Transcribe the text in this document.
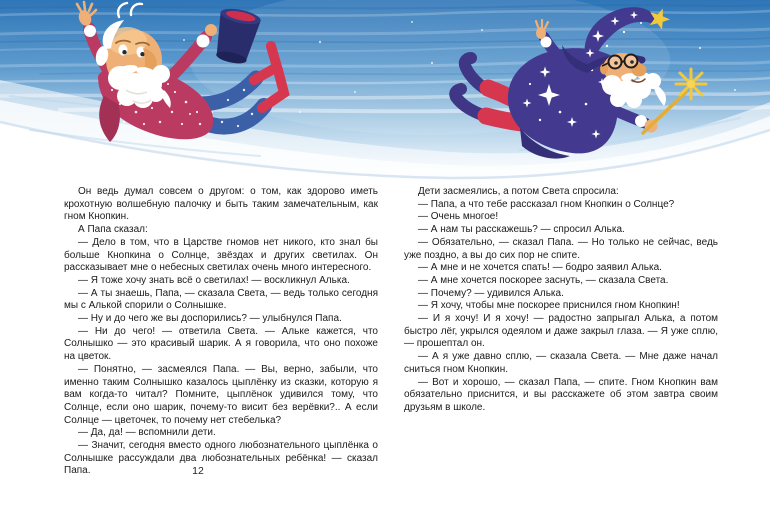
Он ведь думал совсем о другом: о том, как здорово иметь крохотную волшебную палочку и быть таким замечательным, как гном Кнопкин.

А Папа сказал:

— Дело в том, что в Царстве гномов нет никого, кто знал бы больше Кнопкина о Солнце, звёздах и других светилах. Он рассказывает мне о небесных светилах очень много интересного.

— Я тоже хочу знать всё о светилах! — воскликнул Алька.

— А ты знаешь, Папа, — сказала Света, — ведь только сегодня мы с Алькой спорили о Солнышке.

— Ну и до чего же вы доспорились? — улыбнулся Папа.

— Ни до чего! — ответила Света. — Альке кажется, что Солнышко — это красивый шарик. А я говорила, что оно похоже на цветок.

— Понятно, — засмеялся Папа. — Вы, верно, забыли, что именно таким Солнышко казалось цыплёнку из сказки, которую я вам когда-то читал? Помните, цыплёнок удивился тому, что Солнце, если оно шарик, почему-то висит без верёвки?.. А если Солнце — цветочек, то почему нет стебелька?

— Да, да! — вспомнили дети.

— Значит, сегодня вместо одного любознательного цыплёнка о Солнышке рассуждали два любознательных ребёнка! — сказал Папа.

Дети засмеялись, а потом Света спросила:

— Папа, а что тебе рассказал гном Кнопкин о Солнце?

— Очень многое!

— А нам ты расскажешь? — спросил Алька.

— Обязательно, — сказал Папа. — Но только не сейчас, ведь уже поздно, а вы до сих пор не спите.

— А мне и не хочется спать! — бодро заявил Алька.

— А мне хочется поскорее заснуть, — сказала Света.

— Почему? — удивился Алька.

— Я хочу, чтобы мне поскорее приснился гном Кнопкин!

— И я хочу! И я хочу! — радостно запрыгал Алька, а потом быстро лёг, укрылся одеялом и даже закрыл глаза. — Я уже сплю, — прошептал он.

— А я уже давно сплю, — сказала Света. — Мне даже начал сниться гном Кнопкин.

— Вот и хорошо, — сказал Папа, — спите. Гном Кнопкин вам обязательно приснится, и вы расскажете об этом завтра своим друзьям в школе.

12
